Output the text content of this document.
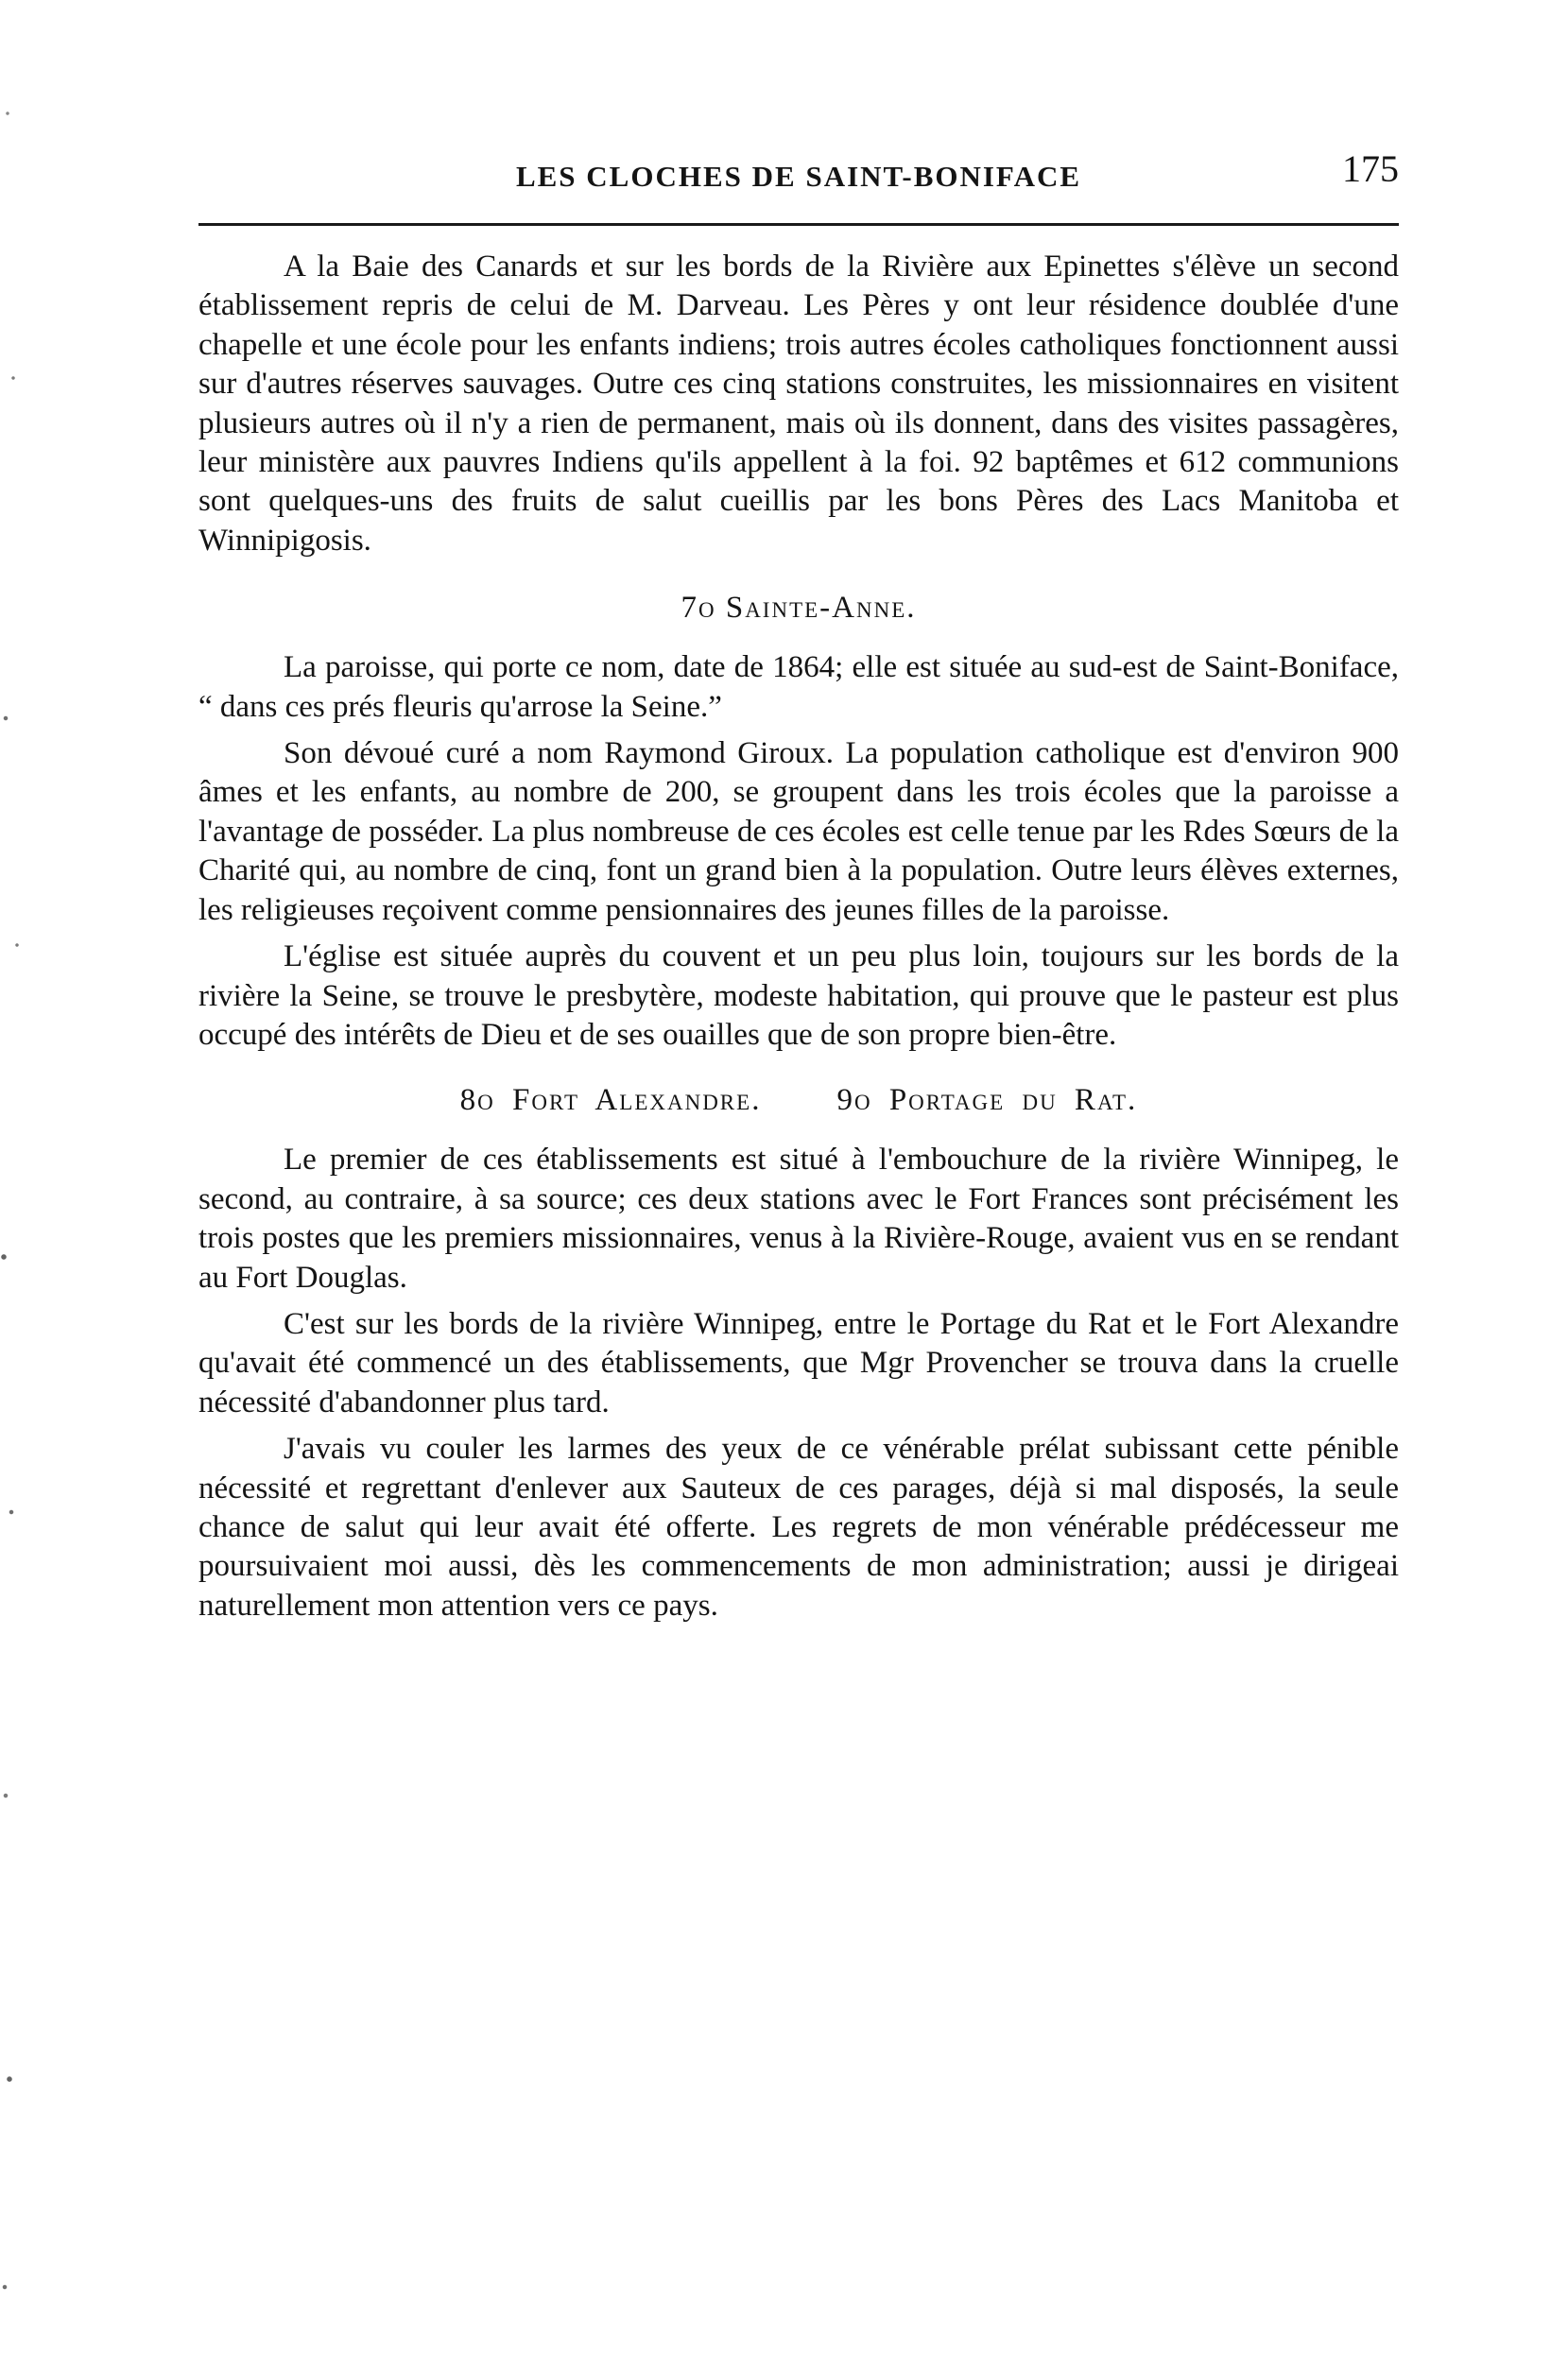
LES CLOCHES DE SAINT-BONIFACE	175

A la Baie des Canards et sur les bords de la Rivière aux Epinettes s'élève un second établissement repris de celui de M. Darveau. Les Pères y ont leur résidence doublée d'une chapelle et une école pour les enfants indiens; trois autres écoles catholiques fonctionnent aussi sur d'autres réserves sauvages. Outre ces cinq stations construites, les missionnaires en visitent plusieurs autres où il n'y a rien de permanent, mais où ils donnent, dans des visites passagères, leur ministère aux pauvres Indiens qu'ils appellent à la foi. 92 baptêmes et 612 communions sont quelques-uns des fruits de salut cueillis par les bons Pères des Lacs Manitoba et Winnipigosis.

7o Sainte-Anne.

La paroisse, qui porte ce nom, date de 1864; elle est située au sud-est de Saint-Boniface, “ dans ces prés fleuris qu'arrose la Seine.”

Son dévoué curé a nom Raymond Giroux. La population catholique est d'environ 900 âmes et les enfants, au nombre de 200, se groupent dans les trois écoles que la paroisse a l'avantage de posséder. La plus nombreuse de ces écoles est celle tenue par les Rdes Sœurs de la Charité qui, au nombre de cinq, font un grand bien à la population. Outre leurs élèves externes, les religieuses reçoivent comme pensionnaires des jeunes filles de la paroisse.

L'église est située auprès du couvent et un peu plus loin, toujours sur les bords de la rivière la Seine, se trouve le presbytère, modeste habitation, qui prouve que le pasteur est plus occupé des intérêts de Dieu et de ses ouailles que de son propre bien-être.

8o Fort Alexandre. 9o Portage du Rat.

Le premier de ces établissements est situé à l'embouchure de la rivière Winnipeg, le second, au contraire, à sa source; ces deux stations avec le Fort Frances sont précisément les trois postes que les premiers missionnaires, venus à la Rivière-Rouge, avaient vus en se rendant au Fort Douglas.

C'est sur les bords de la rivière Winnipeg, entre le Portage du Rat et le Fort Alexandre qu'avait été commencé un des établissements, que Mgr Provencher se trouva dans la cruelle nécessité d'abandonner plus tard.

J'avais vu couler les larmes des yeux de ce vénérable prélat subissant cette pénible nécessité et regrettant d'enlever aux Sauteux de ces parages, déjà si mal disposés, la seule chance de salut qui leur avait été offerte. Les regrets de mon vénérable prédécesseur me poursuivaient moi aussi, dès les commencements de mon administration; aussi je dirigeai naturellement mon attention vers ce pays.
